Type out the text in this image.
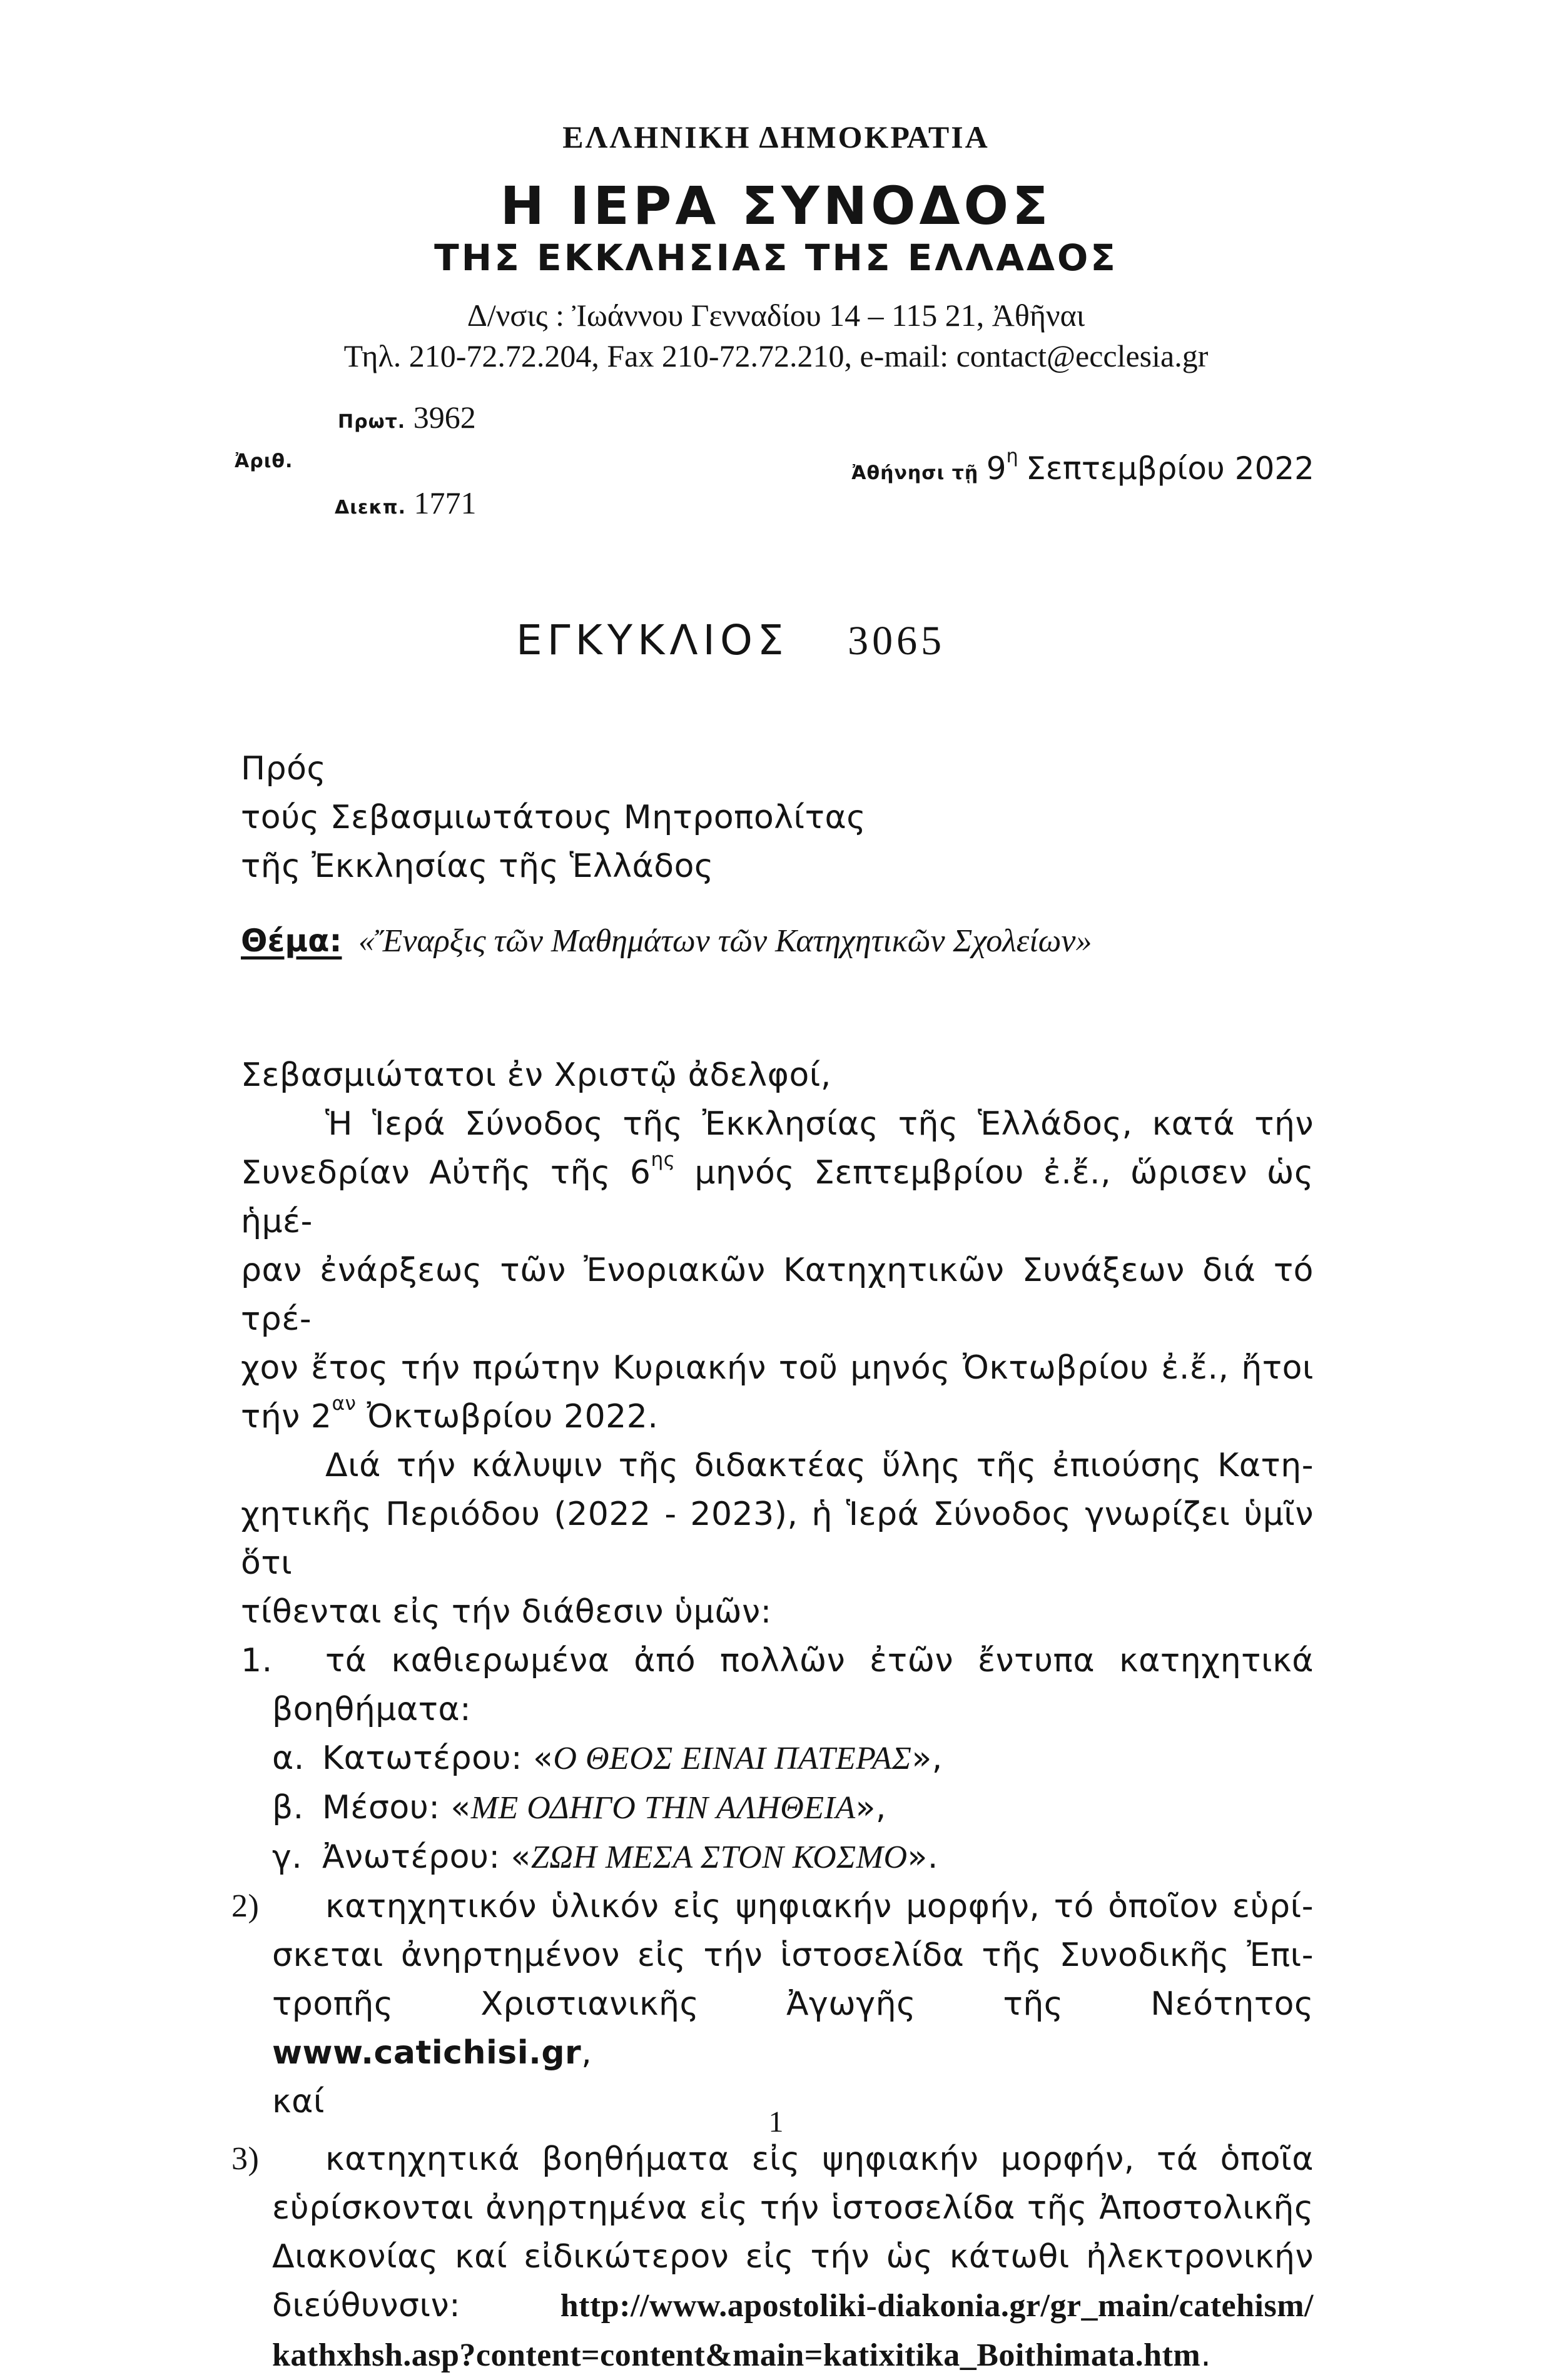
ΕΛΛΗΝΙΚΗ ΔΗΜΟΚΡΑΤΙΑ
Η ΙΕΡΑ ΣΥΝΟΔΟΣ
ΤΗΣ ΕΚΚΛΗΣΙΑΣ ΤΗΣ ΕΛΛΑΔΟΣ
Δ/νσις : Ἰωάννου Γενναδίου 14 – 115 21, Ἀθῆναι
Τηλ. 210-72.72.204, Fax 210-72.72.210, e-mail: contact@ecclesia.gr
Πρωτ. 3962
Ἀριθ.
Διεκπ. 1771
Ἀθήνησι τῇ $9^\eta$ Σεπτεμβρίου 2022
ΕΓΚΥΚΛΙΟΣ 3065
Πρός
τούς Σεβασμιωτάτους Μητροπολίτας
τῆς Ἐκκλησίας τῆς Ἑλλάδος
Θέμα: «Ἔναρξις τῶν Μαθημάτων τῶν Κατηχητικῶν Σχολείων»
Σεβασμιώτατοι ἐν Χριστῷ ἀδελφοί,
Ἡ Ἱερά Σύνοδος τῆς Ἐκκλησίας τῆς Ἑλλάδος, κατά τήν
Συνεδρίαν Αὐτῆς τῆς $6^{\eta\varsigma}$ μηνός Σεπτεμβρίου ἐ.ἔ., ὥρισεν ὡς ἡμέ-
ραν ἐνάρξεως τῶν Ἐνοριακῶν Κατηχητικῶν Συνάξεων διά τό τρέ-
χον ἔτος τήν πρώτην Κυριακήν τοῦ μηνός Ὀκτωβρίου ἐ.ἔ., ἤτοι
τήν $2^{\alpha\nu}$ Ὀκτωβρίου 2022.
Διά τήν κάλυψιν τῆς διδακτέας ὕλης τῆς ἐπιούσης Κατη-
χητικῆς Περιόδου (2022 - 2023), ἡ Ἱερά Σύνοδος γνωρίζει ὑμῖν ὅτι
τίθενται εἰς τήν διάθεσιν ὑμῶν:
1.	τά καθιερωμένα ἀπό πολλῶν ἐτῶν ἔντυπα κατηχητικά
βοηθήματα:
α. Κατωτέρου: «Ο ΘΕΟΣ ΕΙΝΑΙ ΠΑΤΕΡΑΣ»,
β. Μέσου: «ΜΕ ΟΔΗΓΟ ΤΗΝ ΑΛΗΘΕΙΑ»,
γ. Ἀνωτέρου: «ΖΩΗ ΜΕΣΑ ΣΤΟΝ ΚΟΣΜΟ».
2)	κατηχητικόν ὑλικόν εἰς ψηφιακήν μορφήν, τό ὁποῖον εὑρί-
σκεται ἀνηρτημένον εἰς τήν ἱστοσελίδα τῆς Συνοδικῆς Ἐπι-
τροπῆς Χριστιανικῆς Ἀγωγῆς τῆς Νεότητος www.catichisi.gr,
καί
3)	κατηχητικά βοηθήματα εἰς ψηφιακήν μορφήν, τά ὁποῖα
εὑρίσκονται ἀνηρτημένα εἰς τήν ἱστοσελίδα τῆς Ἀποστολικῆς
Διακονίας καί εἰδικώτερον εἰς τήν ὡς κάτωθι ἠλεκτρονικήν
διεύθυνσιν: http://www.apostoliki-diakonia.gr/gr_main/catehism/
kathxhsh.asp?content=content&main=katixitika_Boithimata.htm.
1
